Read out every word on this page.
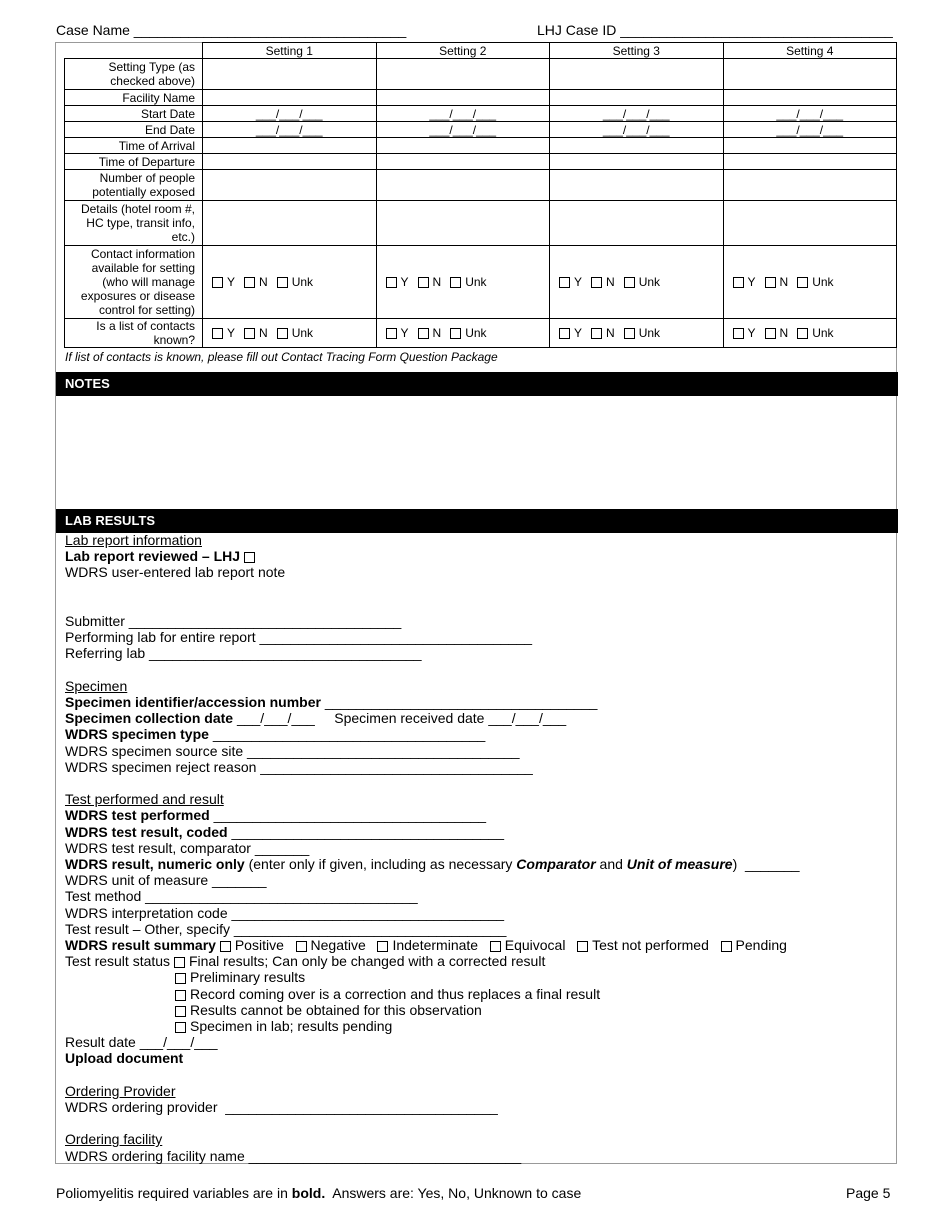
Case Name ___________________________________	LHJ Case ID ___________________________________
	Setting 1	Setting 2	Setting 3	Setting 4
Setting Type (as checked above)				
Facility Name				
Start Date	___/___/___	___/___/___	___/___/___	___/___/___
End Date	___/___/___	___/___/___	___/___/___	___/___/___
Time of Arrival				
Time of Departure				
Number of people potentially exposed				
Details (hotel room #, HC type, transit info, etc.)				
Contact information available for setting (who will manage exposures or disease control for setting)	Y N Unk	Y N Unk	Y N Unk	Y N Unk
Is a list of contacts known?	Y N Unk	Y N Unk	Y N Unk	Y N Unk
If list of contacts is known, please fill out Contact Tracing Form Question Package
NOTES
LAB RESULTS
Lab report information
Lab report reviewed – LHJ
WDRS user-entered lab report note
Submitter ___________________________________
Performing lab for entire report ___________________________________
Referring lab ___________________________________
Specimen
Specimen identifier/accession number ___________________________________
Specimen collection date ___/___/___     Specimen received date ___/___/___
WDRS specimen type ___________________________________
WDRS specimen source site ___________________________________
WDRS specimen reject reason ___________________________________
Test performed and result
WDRS test performed ___________________________________
WDRS test result, coded ___________________________________
WDRS test result, comparator _______
WDRS result, numeric only (enter only if given, including as necessary Comparator and Unit of measure)  _______
WDRS unit of measure _______
Test method ___________________________________
WDRS interpretation code ___________________________________
Test result – Other, specify ___________________________________
WDRS result summary Positive Negative Indeterminate Equivocal Test not performed Pending
Test result status Final results; Can only be changed with a corrected result
Preliminary results
Record coming over is a correction and thus replaces a final result
Results cannot be obtained for this observation
Specimen in lab; results pending
Result date ___/___/___
Upload document
Ordering Provider
WDRS ordering provider  ___________________________________
Ordering facility
WDRS ordering facility name ___________________________________
Poliomyelitis required variables are in bold.  Answers are: Yes, No, Unknown to case	Page 5
